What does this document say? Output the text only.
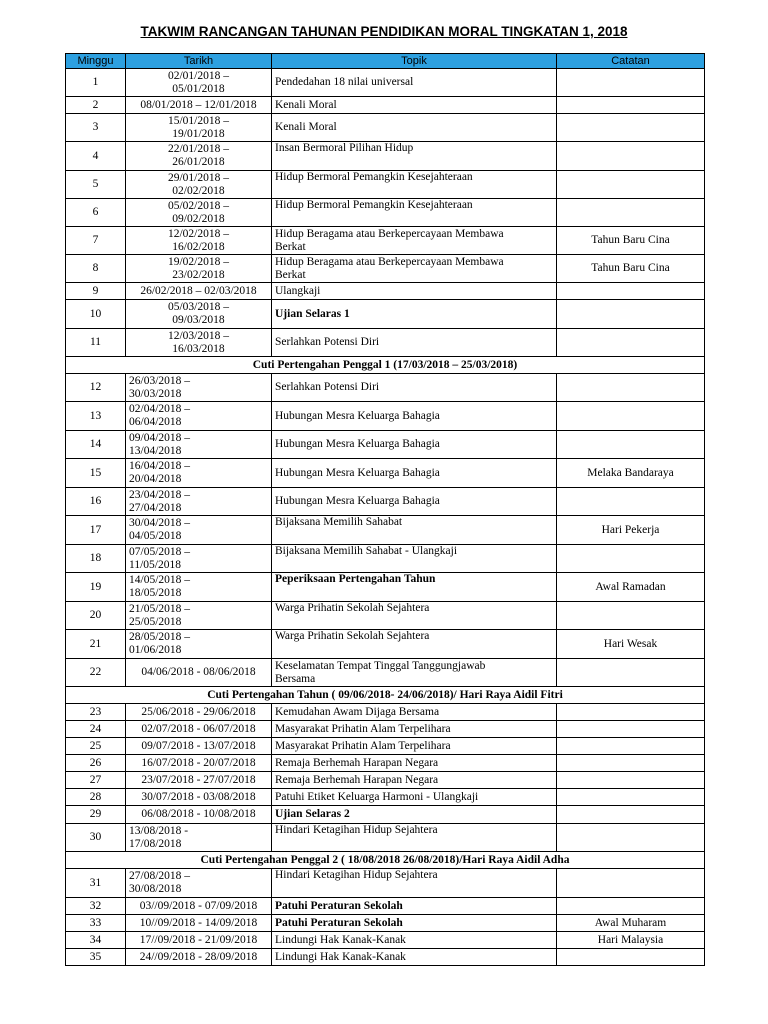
TAKWIM RANCANGAN TAHUNAN PENDIDIKAN MORAL TINGKATAN 1, 2018
Minggu	Tarikh	Topik	Catatan
1	02/01/2018 –
05/01/2018	Pendedahan 18 nilai universal	
2	08/01/2018 – 12/01/2018	Kenali Moral	
3	15/01/2018 –
19/01/2018	Kenali Moral	
4	22/01/2018 –
26/01/2018	Insan Bermoral Pilihan Hidup	
5	29/01/2018 –
02/02/2018	Hidup Bermoral Pemangkin Kesejahteraan	
6	05/02/2018 –
09/02/2018	Hidup Bermoral Pemangkin Kesejahteraan	
7	12/02/2018 –
16/02/2018	Hidup Beragama atau Berkepercayaan Membawa
Berkat	Tahun Baru Cina
8	19/02/2018 –
23/02/2018	Hidup Beragama atau Berkepercayaan Membawa
Berkat	Tahun Baru Cina
9	26/02/2018 – 02/03/2018	Ulangkaji	
10	05/03/2018 –
09/03/2018	Ujian Selaras 1	
11	12/03/2018 –
16/03/2018	Serlahkan Potensi Diri	
Cuti Pertengahan Penggal 1 (17/03/2018 – 25/03/2018)			
12	26/03/2018 –
30/03/2018	Serlahkan Potensi Diri	
13	02/04/2018 –
06/04/2018	Hubungan Mesra Keluarga Bahagia	
14	09/04/2018 –
13/04/2018	Hubungan Mesra Keluarga Bahagia	
15	16/04/2018 –
20/04/2018	Hubungan Mesra Keluarga Bahagia	Melaka Bandaraya
16	23/04/2018 –
27/04/2018	Hubungan Mesra Keluarga Bahagia	
17	30/04/2018 –
04/05/2018	Bijaksana Memilih Sahabat	Hari Pekerja
18	07/05/2018 –
11/05/2018	Bijaksana Memilih Sahabat - Ulangkaji	
19	14/05/2018 –
18/05/2018	Peperiksaan Pertengahan Tahun	Awal Ramadan
20	21/05/2018 –
25/05/2018	Warga Prihatin Sekolah Sejahtera	
21	28/05/2018 –
01/06/2018	Warga Prihatin Sekolah Sejahtera	Hari Wesak
22	04/06/2018 - 08/06/2018	Keselamatan Tempat Tinggal Tanggungjawab
Bersama	
Cuti Pertengahan Tahun ( 09/06/2018- 24/06/2018)/ Hari Raya Aidil Fitri			
23	25/06/2018 - 29/06/2018	Kemudahan Awam Dijaga Bersama	
24	02/07/2018 - 06/07/2018	Masyarakat Prihatin Alam Terpelihara	
25	09/07/2018 - 13/07/2018	Masyarakat Prihatin Alam Terpelihara	
26	16/07/2018 - 20/07/2018	Remaja Berhemah Harapan Negara	
27	23/07/2018 - 27/07/2018	Remaja Berhemah Harapan Negara	
28	30/07/2018 - 03/08/2018	Patuhi Etiket Keluarga Harmoni - Ulangkaji	
29	06/08/2018 - 10/08/2018	Ujian Selaras 2	
30	13/08/2018 -
17/08/2018	Hindari Ketagihan Hidup Sejahtera	
Cuti Pertengahan Penggal 2 ( 18/08/2018 26/08/2018)/Hari Raya Aidil Adha			
31	27/08/2018 –
30/08/2018	Hindari Ketagihan Hidup Sejahtera	
32	03//09/2018 - 07/09/2018	Patuhi Peraturan Sekolah	
33	10//09/2018 - 14/09/2018	Patuhi Peraturan Sekolah	Awal Muharam
34	17//09/2018 - 21/09/2018	Lindungi Hak Kanak-Kanak	Hari Malaysia
35	24//09/2018 - 28/09/2018	Lindungi Hak Kanak-Kanak	
